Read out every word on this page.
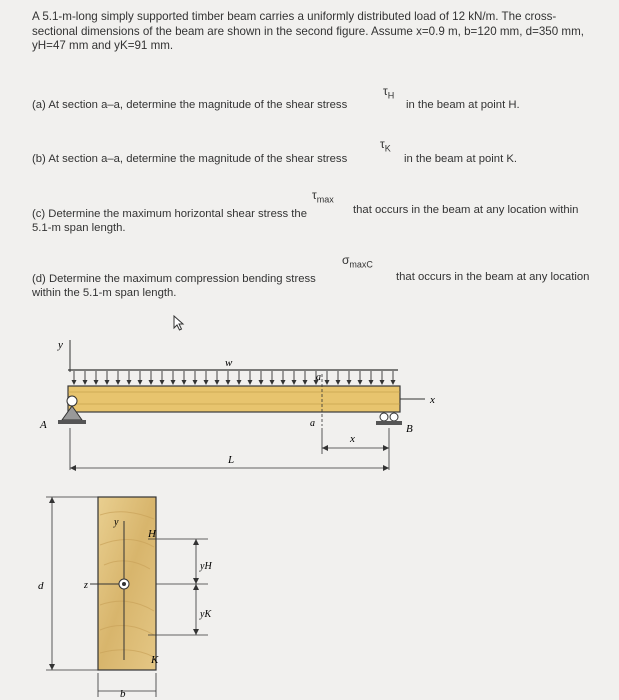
A 5.1-m-long simply supported timber beam carries a uniformly distributed load of 12 kN/m. The cross-sectional dimensions of the beam are shown in the second figure. Assume x=0.9 m, b=120 mm, d=350 mm, yH=47 mm and yK=91 mm.
(a) At section a–a, determine the magnitude of the shear stress
$\tau_H$
in the beam at point H.
(b) At section a–a, determine the magnitude of the shear stress
$\tau_K$
in the beam at point K.
(c) Determine the maximum horizontal shear stress the 5.1-m span length.
$\tau_{max}$
that occurs in the beam at any location within
(d) Determine the maximum compression bending stress within the 5.1-m span length.
$\sigma_{maxC}$
that occurs in the beam at any location
y
w
x
a
a
A	B
x
L
d
y
z
H
K
yH
yK
b
